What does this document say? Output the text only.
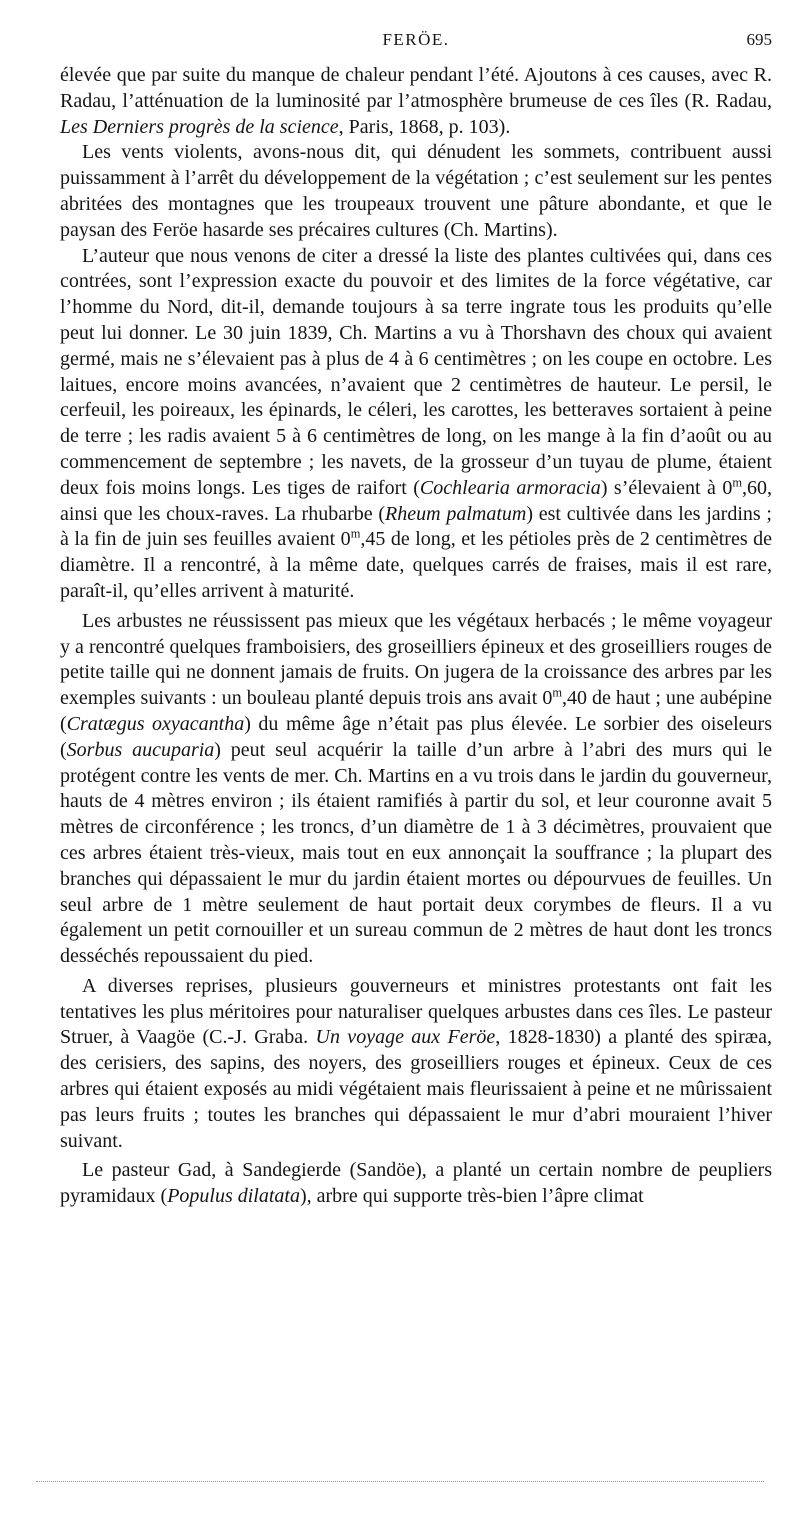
FERÖE.	695

élevée que par suite du manque de chaleur pendant l’été. Ajoutons à ces causes, avec R. Radau, l’atténuation de la luminosité par l’atmosphère brumeuse de ces îles (R. Radau, Les Derniers progrès de la science, Paris, 1868, p. 103).

Les vents violents, avons-nous dit, qui dénudent les sommets, contribuent aussi puissamment à l’arrêt du développement de la végétation ; c’est seulement sur les pentes abritées des montagnes que les troupeaux trouvent une pâture abondante, et que le paysan des Feröe hasarde ses précaires cultures (Ch. Martins).

L’auteur que nous venons de citer a dressé la liste des plantes cultivées qui, dans ces contrées, sont l’expression exacte du pouvoir et des limites de la force végétative, car l’homme du Nord, dit-il, demande toujours à sa terre ingrate tous les produits qu’elle peut lui donner. Le 30 juin 1839, Ch. Martins a vu à Thorshavn des choux qui avaient germé, mais ne s’élevaient pas à plus de 4 à 6 centimètres ; on les coupe en octobre. Les laitues, encore moins avancées, n’avaient que 2 centimètres de hauteur. Le persil, le cerfeuil, les poireaux, les épinards, le céleri, les carottes, les betteraves sortaient à peine de terre ; les radis avaient 5 à 6 centimètres de long, on les mange à la fin d’août ou au commencement de septembre ; les navets, de la grosseur d’un tuyau de plume, étaient deux fois moins longs. Les tiges de raifort (Cochlearia armoracia) s’élevaient à 0$^m$,60, ainsi que les choux-raves. La rhubarbe (Rheum palmatum) est cultivée dans les jardins ; à la fin de juin ses feuilles avaient 0$^m$,45 de long, et les pétioles près de 2 centimètres de diamètre. Il a rencontré, à la même date, quelques carrés de fraises, mais il est rare, paraît-il, qu’elles arrivent à maturité.

Les arbustes ne réussissent pas mieux que les végétaux herbacés ; le même voyageur y a rencontré quelques framboisiers, des groseilliers épineux et des groseilliers rouges de petite taille qui ne donnent jamais de fruits. On jugera de la croissance des arbres par les exemples suivants : un bouleau planté depuis trois ans avait 0$^m$,40 de haut ; une aubépine (Cratægus oxyacantha) du même âge n’était pas plus élevée. Le sorbier des oiseleurs (Sorbus aucuparia) peut seul acquérir la taille d’un arbre à l’abri des murs qui le protégent contre les vents de mer. Ch. Martins en a vu trois dans le jardin du gouverneur, hauts de 4 mètres environ ; ils étaient ramifiés à partir du sol, et leur couronne avait 5 mètres de circonférence ; les troncs, d’un diamètre de 1 à 3 décimètres, prouvaient que ces arbres étaient très-vieux, mais tout en eux annonçait la souffrance ; la plupart des branches qui dépassaient le mur du jardin étaient mortes ou dépourvues de feuilles. Un seul arbre de 1 mètre seulement de haut portait deux corymbes de fleurs. Il a vu également un petit cornouiller et un sureau commun de 2 mètres de haut dont les troncs desséchés repoussaient du pied.

A diverses reprises, plusieurs gouverneurs et ministres protestants ont fait les tentatives les plus méritoires pour naturaliser quelques arbustes dans ces îles. Le pasteur Struer, à Vaagöe (C.-J. Graba. Un voyage aux Feröe, 1828-1830) a planté des spiræa, des cerisiers, des sapins, des noyers, des groseilliers rouges et épineux. Ceux de ces arbres qui étaient exposés au midi végétaient mais fleurissaient à peine et ne mûrissaient pas leurs fruits ; toutes les branches qui dépassaient le mur d’abri mouraient l’hiver suivant.

Le pasteur Gad, à Sandegierde (Sandöe), a planté un certain nombre de peupliers pyramidaux (Populus dilatata), arbre qui supporte très-bien l’âpre climat
